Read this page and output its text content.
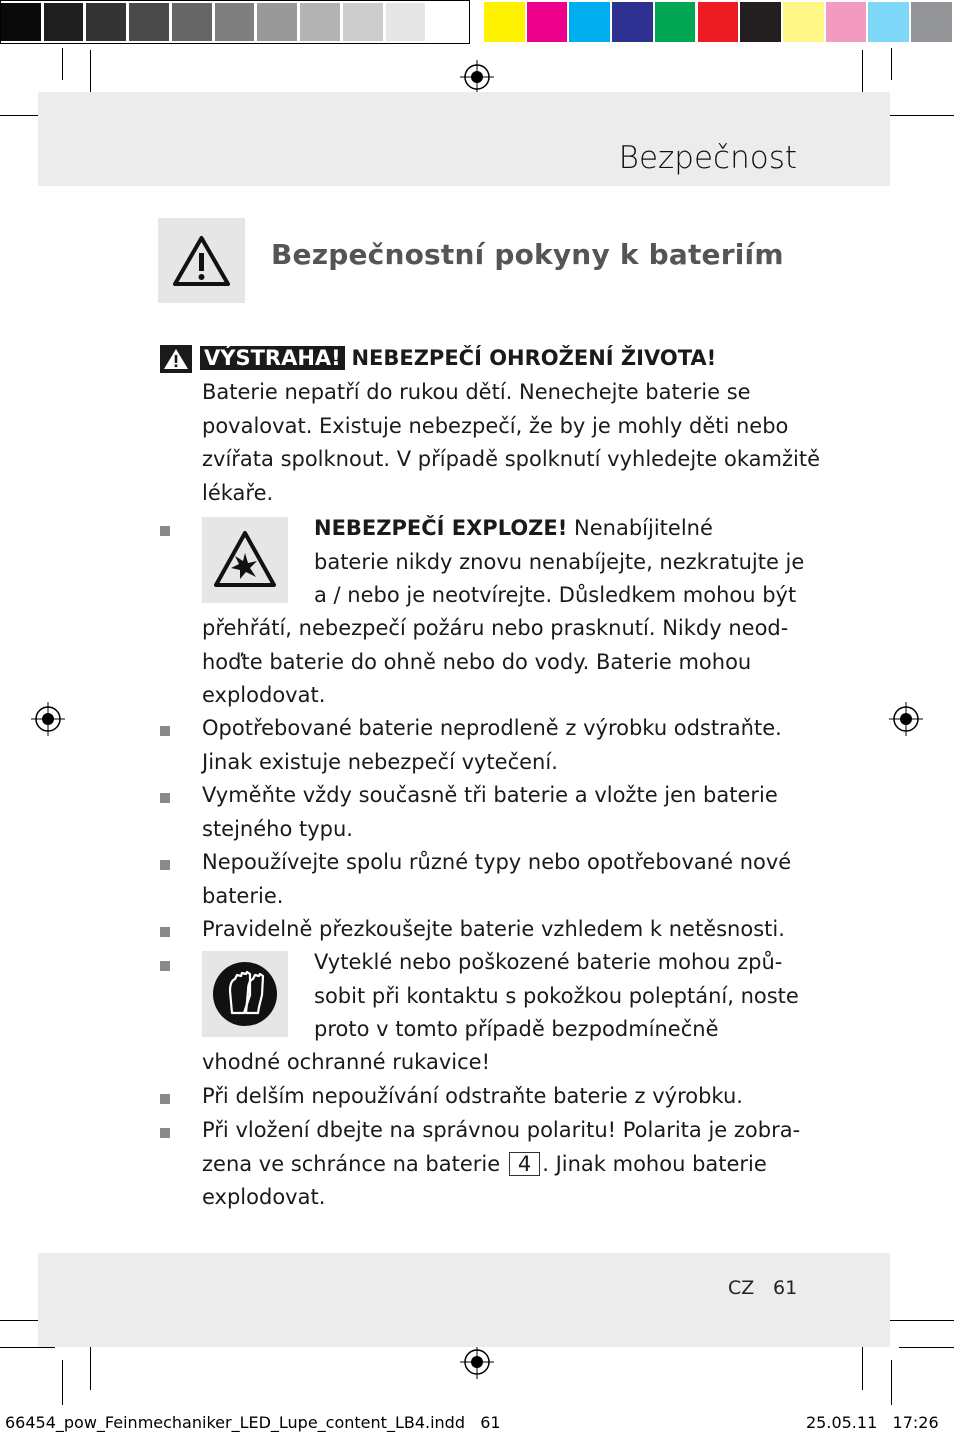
Bezpečnost
Bezpečnostní pokyny k bateriím
VÝSTRAHA! NEBEZPEČÍ OHROŽENÍ ŽIVOTA!
Baterie nepatří do rukou dětí. Nenechejte baterie se
povalovat. Existuje nebezpečí, že by je mohly děti nebo
zvířata spolknout. V případě spolknutí vyhledejte okamžitě
lékaře.
NEBEZPEČÍ EXPLOZE! Nenabíjitelné
baterie nikdy znovu nenabíjejte, nezkratujte je
a / nebo je neotvírejte. Důsledkem mohou být
přehřátí, nebezpečí požáru nebo prasknutí. Nikdy neod-
hoďte baterie do ohně nebo do vody. Baterie mohou
explodovat.
Opotřebované baterie neprodleně z výrobku odstraňte.
Jinak existuje nebezpečí vytečení.
Vyměňte vždy současně tři baterie a vložte jen baterie
stejného typu.
Nepoužívejte spolu různé typy nebo opotřebované nové
baterie.
Pravidelně přezkoušejte baterie vzhledem k netěsnosti.
Vyteklé nebo poškozené baterie mohou způ-
sobit při kontaktu s pokožkou poleptání, noste
proto v tomto případě bezpodmínečně
vhodné ochranné rukavice!
Při delším nepoužívání odstraňte baterie z výrobku.
Při vložení dbejte na správnou polaritu! Polarita je zobra-
zena ve schránce na baterie 4 . Jinak mohou baterie
explodovat.
CZ 61
66454_pow_Feinmechaniker_LED_Lupe_content_LB4.indd   61	25.05.11   17:26
